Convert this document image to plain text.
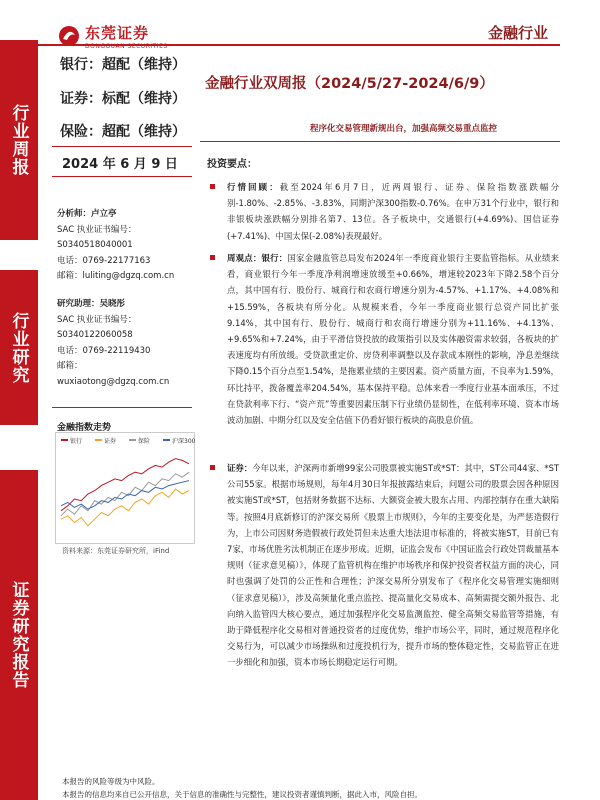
行业周报
行业研究
证券研究报告
东莞证券
DONGGUAN SECURITIES
金融行业
银行：超配（维持）
证券：标配（维持）
保险：超配（维持）
2024 年 6 月 9 日
分析师：卢立亭
SAC 执业证书编号：
S0340518040001
电话：0769-22177163
邮箱：luliting@dgzq.com.cn
研究助理：吴晓彤
SAC 执业证书编号：
S0340122060058
电话：0769-22119430
邮箱：
wuxiaotong@dgzq.com.cn
金融指数走势
银行	证券	保险	沪深300
资料来源：东莞证券研究所，iFind
金融行业双周报（2024/5/27-2024/6/9）
程序化交易管理新规出台，加强高频交易重点监控
投资要点：
行情回顾：截至2024年6月7日，近两周银行、证券、保险指数涨跌幅分别-1.80%、-2.85%、-3.83%，同期沪深300指数-0.76%。在申万31个行业中，银行和非银板块涨跌幅分别排名第7、13位。各子板块中，交通银行(+4.69%)、国信证券(+7.41%)、中国太保(-2.08%)表现最好。
周观点：银行：国家金融监管总局发布2024年一季度商业银行主要监管指标。从业绩来看，商业银行今年一季度净利润增速放缓至+0.66%，增速较2023年下降2.58个百分点，其中国有行、股份行、城商行和农商行增速分别为-4.57%、+1.17%、+4.08%和+15.59%，各板块有所分化。从规模来看，今年一季度商业银行总资产同比扩张9.14%，其中国有行、股份行、城商行和农商行增速分别为+11.16%、+4.13%、+9.65%和+7.24%，由于平滑信贷投放的政策指引以及实体融资需求较弱，各板块的扩表速度均有所放缓。受贷款重定价、房贷利率调整以及存款成本刚性的影响，净息差继续下降0.15个百分点至1.54%，是拖累业绩的主要因素。资产质量方面，不良率为1.59%，环比持平，拨备覆盖率204.54%，基本保持平稳。总体来看一季度行业基本面承压，不过在贷款利率下行、“资产荒”等重要因素压制下行业绩仍显韧性，在低利率环境、资本市场波动加剧、中期分红以及安全估值下仍看好银行板块的高股息价值。
证券：今年以来，沪深两市新增99家公司股票被实施ST或*ST：其中，ST公司44家、*ST公司55家。根据市场规则，每年4月30日年报披露结束后，问题公司的股票会因各种原因被实施ST或*ST，包括财务数据不达标、大额资金被大股东占用、内部控制存在重大缺陷等。按照4月底新修订的沪深交易所《股票上市规则》，今年的主要变化是，为严惩造假行为，上市公司因财务造假被行政处罚但未达重大违法退市标准的，将被实施ST，目前已有7家，市场优胜劣汰机制正在逐步形成。近期，证监会发布《中国证监会行政处罚裁量基本规则（征求意见稿）》，体现了监管机构在维护市场秩序和保护投资者权益方面的决心，同时也强调了处罚的公正性和合理性；沪深交易所分别发布了《程序化交易管理实施细则（征求意见稿）》，涉及高频量化重点监控、提高量化交易成本、高频需提交额外报告、北向纳入监管四大核心要点，通过加强程序化交易监测监控、健全高频交易监管等措施，有助于降低程序化交易相对普通投资者的过度优势，维护市场公平，同时，通过规范程序化交易行为，可以减少市场操纵和过度投机行为，提升市场的整体稳定性，交易监管正在进一步细化和加强，资本市场长期稳定运行可期。
本报告的风险等级为中风险。
本报告的信息均来自已公开信息，关于信息的准确性与完整性，建议投资者谨慎判断，据此入市，风险自担。
